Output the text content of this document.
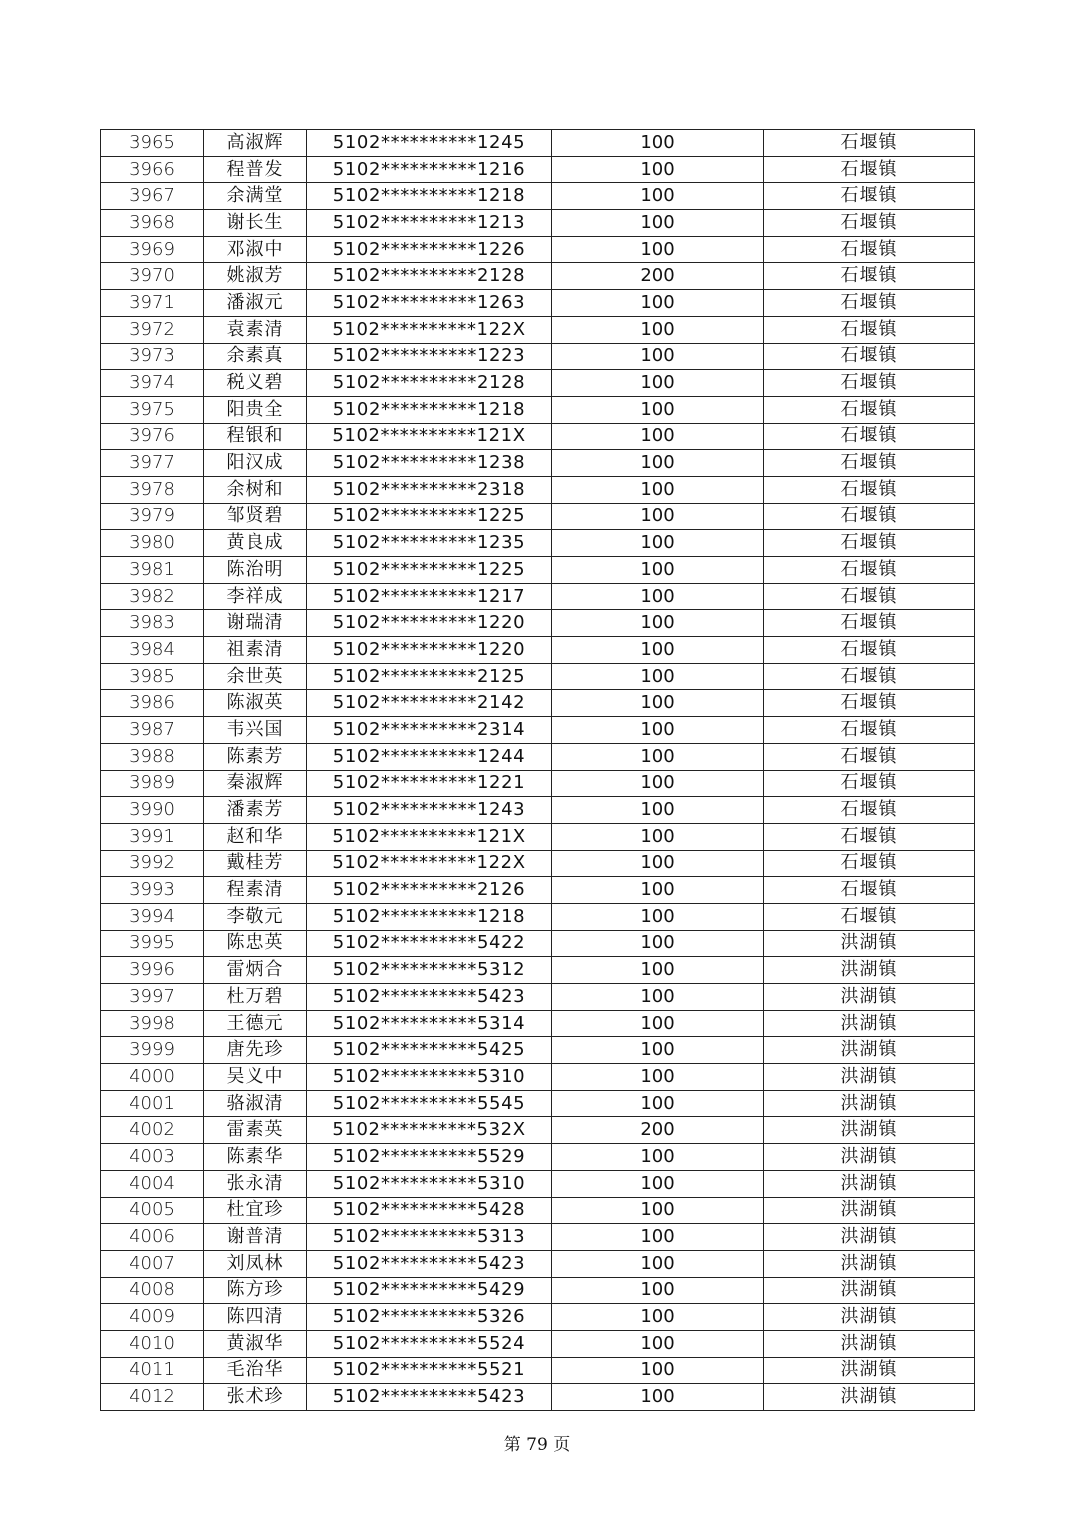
3965	高淑辉	5102**********1245	100	石堰镇
3966	程普发	5102**********1216	100	石堰镇
3967	余满堂	5102**********1218	100	石堰镇
3968	谢长生	5102**********1213	100	石堰镇
3969	邓淑中	5102**********1226	100	石堰镇
3970	姚淑芳	5102**********2128	200	石堰镇
3971	潘淑元	5102**********1263	100	石堰镇
3972	袁素清	5102**********122X	100	石堰镇
3973	余素真	5102**********1223	100	石堰镇
3974	税义碧	5102**********2128	100	石堰镇
3975	阳贵全	5102**********1218	100	石堰镇
3976	程银和	5102**********121X	100	石堰镇
3977	阳汉成	5102**********1238	100	石堰镇
3978	余树和	5102**********2318	100	石堰镇
3979	邹贤碧	5102**********1225	100	石堰镇
3980	黄良成	5102**********1235	100	石堰镇
3981	陈治明	5102**********1225	100	石堰镇
3982	李祥成	5102**********1217	100	石堰镇
3983	谢瑞清	5102**********1220	100	石堰镇
3984	祖素清	5102**********1220	100	石堰镇
3985	余世英	5102**********2125	100	石堰镇
3986	陈淑英	5102**********2142	100	石堰镇
3987	韦兴国	5102**********2314	100	石堰镇
3988	陈素芳	5102**********1244	100	石堰镇
3989	秦淑辉	5102**********1221	100	石堰镇
3990	潘素芳	5102**********1243	100	石堰镇
3991	赵和华	5102**********121X	100	石堰镇
3992	戴桂芳	5102**********122X	100	石堰镇
3993	程素清	5102**********2126	100	石堰镇
3994	李敬元	5102**********1218	100	石堰镇
3995	陈忠英	5102**********5422	100	洪湖镇
3996	雷炳合	5102**********5312	100	洪湖镇
3997	杜万碧	5102**********5423	100	洪湖镇
3998	王德元	5102**********5314	100	洪湖镇
3999	唐先珍	5102**********5425	100	洪湖镇
4000	吴义中	5102**********5310	100	洪湖镇
4001	骆淑清	5102**********5545	100	洪湖镇
4002	雷素英	5102**********532X	200	洪湖镇
4003	陈素华	5102**********5529	100	洪湖镇
4004	张永清	5102**********5310	100	洪湖镇
4005	杜宜珍	5102**********5428	100	洪湖镇
4006	谢普清	5102**********5313	100	洪湖镇
4007	刘凤林	5102**********5423	100	洪湖镇
4008	陈方珍	5102**********5429	100	洪湖镇
4009	陈四清	5102**********5326	100	洪湖镇
4010	黄淑华	5102**********5524	100	洪湖镇
4011	毛治华	5102**********5521	100	洪湖镇
4012	张术珍	5102**********5423	100	洪湖镇
第 79 页
